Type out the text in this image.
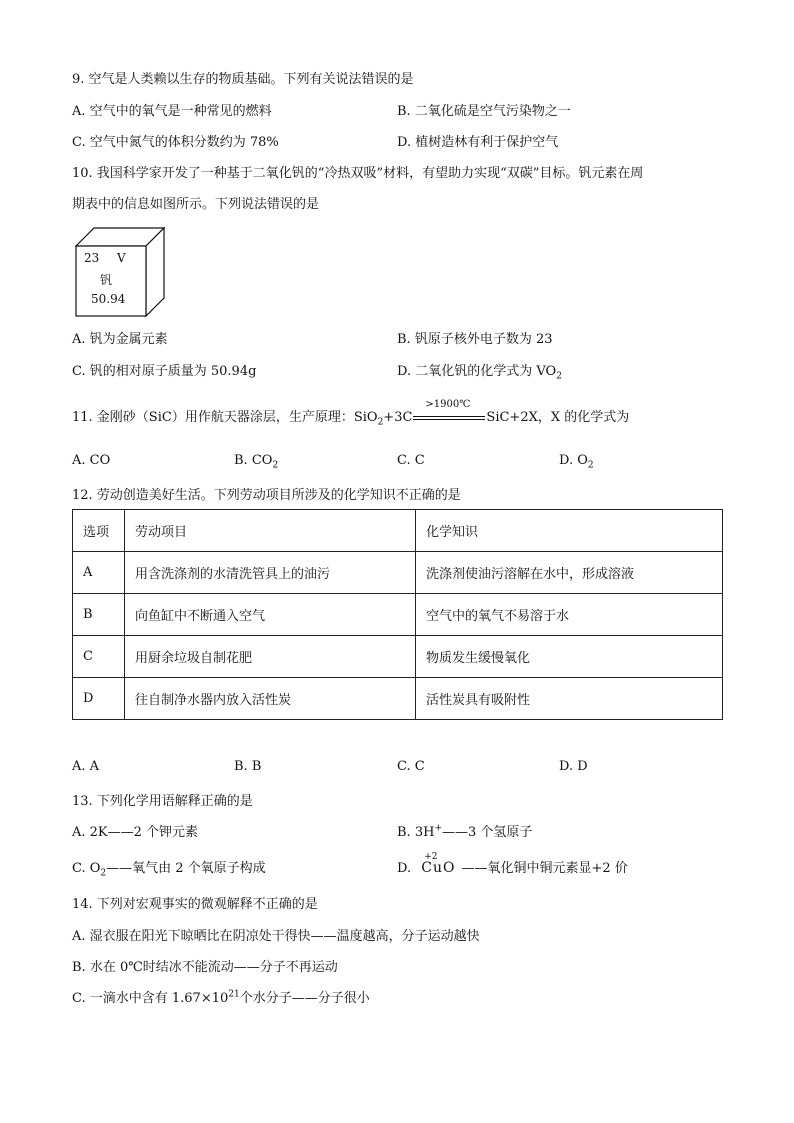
9. 空气是人类赖以生存的物质基础。下列有关说法错误的是
A. 空气中的氧气是一种常见的燃料	B. 二氧化硫是空气污染物之一
C. 空气中氮气的体积分数约为 78%	D. 植树造林有利于保护空气
10. 我国科学家开发了一种基于二氧化钒的“冷热双吸”材料，有望助力实现“双碳”目标。钒元素在周
期表中的信息如图所示。下列说法错误的是
23 V
钒
50.94
A. 钒为金属元素	B. 钒原子核外电子数为 23
C. 钒的相对原子质量为 50.94g	D. 二氧化钒的化学式为 $VO_2$
11. 金刚砂（SiC）用作航天器涂层，生产原理：SiO$_2$+3C
>1900℃
SiC+2X，X 的化学式为
A. CO	B. $CO_2$	C. C	D. $O_2$
12. 劳动创造美好生活。下列劳动项目所涉及的化学知识不正确的是
选项	劳动项目	化学知识
A	用含洗涤剂的水清洗管具上的油污	洗涤剂使油污溶解在水中，形成溶液
B	向鱼缸中不断通入空气	空气中的氧气不易溶于水
C	用厨余垃圾自制花肥	物质发生缓慢氧化
D	往自制净水器内放入活性炭	活性炭具有吸附性
A. A	B. B	C. C	D. D
13. 下列化学用语解释正确的是
A. 2K——2 个钾元素	B. 3H+——3 个氢原子
C. $O_2——$氧气由 2 个氧原子构成	D.
+2
CuO ——氧化铜中铜元素显+2 价
14. 下列对宏观事实的微观解释不正确的是
A. 湿衣服在阳光下晾晒比在阴凉处干得快——温度越高，分子运动越快
B. 水在 0℃时结冰不能流动——分子不再运动
C. 一滴水中含有 $1.67\times 10^{21}$个水分子——分子很小
